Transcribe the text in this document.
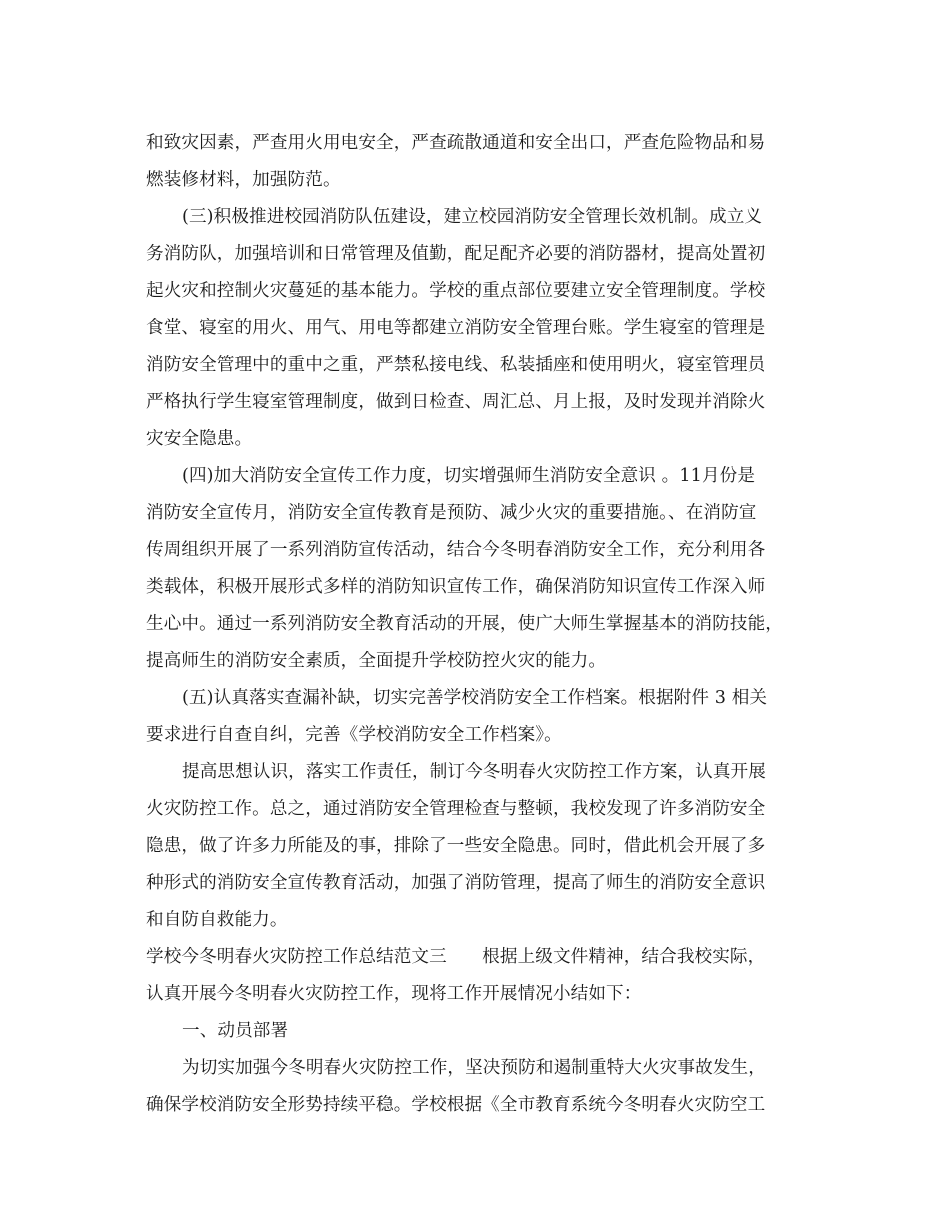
和致灾因素，严查用火用电安全，严查疏散通道和安全出口，严查危险物品和易
燃装修材料，加强防范。
(三)积极推进校园消防队伍建设，建立校园消防安全管理长效机制。成立义
务消防队，加强培训和日常管理及值勤，配足配齐必要的消防器材，提高处置初
起火灾和控制火灾蔓延的基本能力。学校的重点部位要建立安全管理制度。学校
食堂、寝室的用火、用气、用电等都建立消防安全管理台账。学生寝室的管理是
消防安全管理中的重中之重，严禁私接电线、私装插座和使用明火，寝室管理员
严格执行学生寝室管理制度，做到日检查、周汇总、月上报，及时发现并消除火
灾安全隐患。
(四)加大消防安全宣传工作力度，切实增强师生消防安全意识 。11月份是
消防安全宣传月，消防安全宣传教育是预防、减少火灾的重要措施。、在消防宣
传周组织开展了一系列消防宣传活动，结合今冬明春消防安全工作，充分利用各
类载体，积极开展形式多样的消防知识宣传工作，确保消防知识宣传工作深入师
生心中。通过一系列消防安全教育活动的开展，使广大师生掌握基本的消防技能，
提高师生的消防安全素质，全面提升学校防控火灾的能力。
(五)认真落实查漏补缺，切实完善学校消防安全工作档案。根据附件 3 相关
要求进行自查自纠，完善《学校消防安全工作档案》。
提高思想认识，落实工作责任，制订今冬明春火灾防控工作方案，认真开展
火灾防控工作。总之，通过消防安全管理检查与整顿，我校发现了许多消防安全
隐患，做了许多力所能及的事，排除了一些安全隐患。同时，借此机会开展了多
种形式的消防安全宣传教育活动，加强了消防管理，提高了师生的消防安全意识
和自防自救能力。
学校今冬明春火灾防控工作总结范文三　　根据上级文件精神，结合我校实际，
认真开展今冬明春火灾防控工作，现将工作开展情况小结如下：
一、动员部署
为切实加强今冬明春火灾防控工作，坚决预防和遏制重特大火灾事故发生，
确保学校消防安全形势持续平稳。学校根据《全市教育系统今冬明春火灾防空工
